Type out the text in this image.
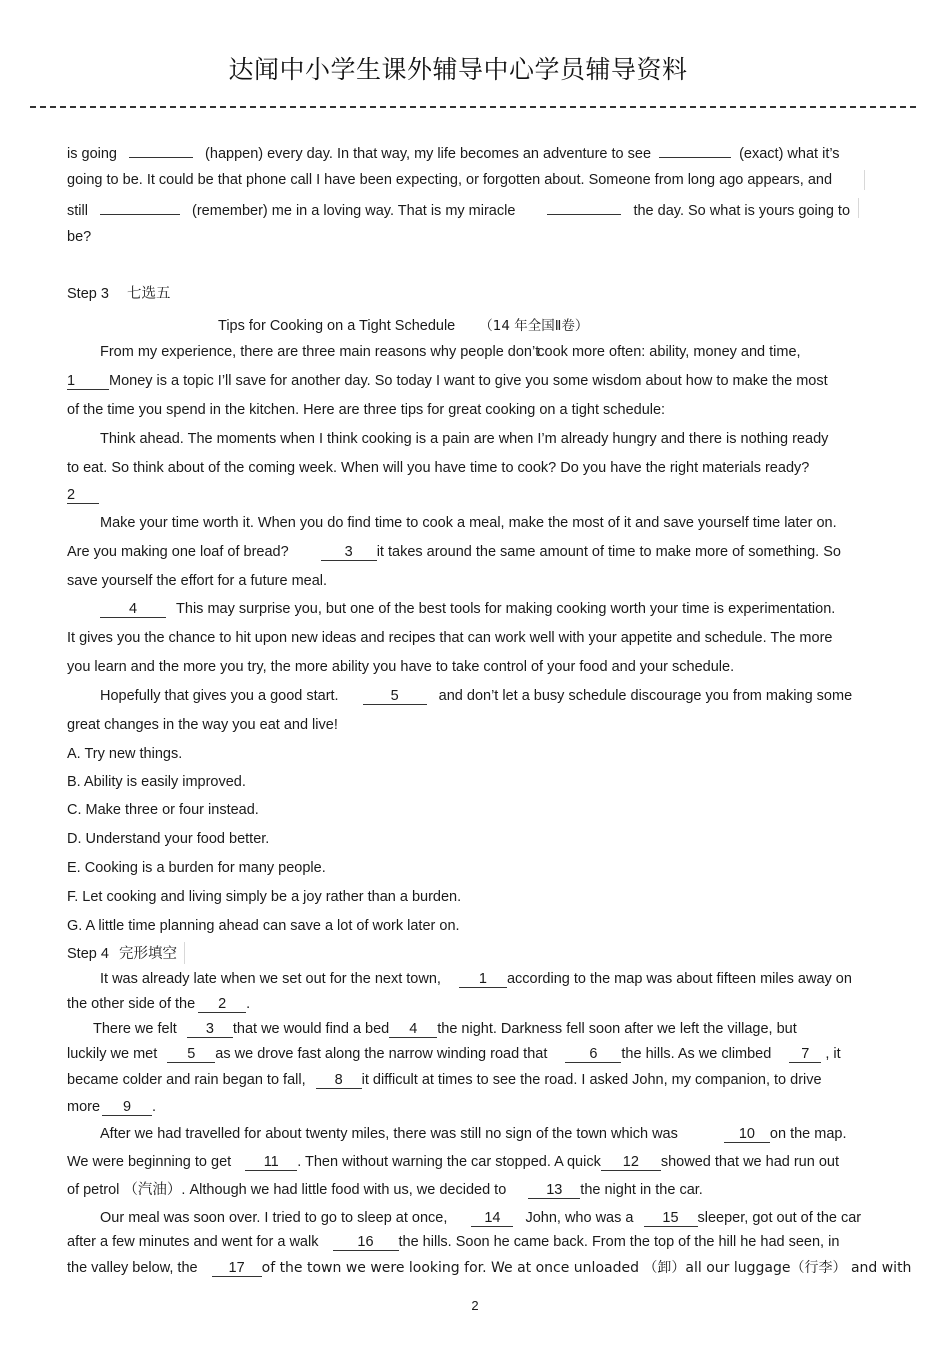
达闻中小学生课外辅导中心学员辅导资料
is going	(happen) every day. In that way, my life becomes an adventure to see	(exact) what it’s
going to be. It could be that phone call I have been expecting, or forgotten about. Someone from long ago appears, and
still	(remember) me in a loving way. That is my miracle	the day. So what is yours going to
be?
Step 3 七选五
Tips for Cooking on a Tight Schedule （14 年全国Ⅱ卷）
From my experience, there are three main reasons why people don’t cook more often: ability, money and time,
1 Money is a topic I’ll save for another day. So today I want to give you some wisdom about how to make the most
of the time you spend in the kitchen. Here are three tips for great cooking on a tight schedule:
Think ahead. The moments when I think cooking is a pain are when I’m already hungry and there is nothing ready
to eat. So think about of the coming week. When will you have time to cook? Do you have the right materials ready?
2
Make your time worth it. When you do find time to cook a meal, make the most of it and save yourself time later on.
Are you making one loaf of bread?	3 it takes around the same amount of time to make more of something. So
save yourself the effort for a future meal.
4	This may surprise you, but one of the best tools for making cooking worth your time is experimentation.
It gives you the chance to hit upon new ideas and recipes that can work well with your appetite and schedule. The more
you learn and the more you try, the more ability you have to take control of your food and your schedule.
Hopefully that gives you a good start.	5	and don’t let a busy schedule discourage you from making some
great changes in the way you eat and live!
A. Try new things.
B. Ability is easily improved.
C. Make three or four instead.
D. Understand your food better.
E. Cooking is a burden for many people.
F. Let cooking and living simply be a joy rather than a burden.
G. A little time planning ahead can save a lot of work later on.
Step 4 完形填空
It was already late when we set out for the next town,	1 according to the map was about fifteen miles away on
the other side of the 2 .
There we felt 3 that we would find a bed 4 the night. Darkness fell soon after we left the village, but
luckily we met 5 as we drove fast along the narrow winding road that	6 the hills. As we climbed 7 , it
became colder and rain began to fall, 8 it difficult at times to see the road. I asked John, my companion, to drive
more 9 .
After we had travelled for about twenty miles, there was still no sign of the town which was	10 on the map.
We were beginning to get 11 . Then without warning the car stopped. A quick 12 showed that we had run out
of petrol （汽油）. Although we had little food with us, we decided to	13 the night in the car.
Our meal was soon over. I tried to go to sleep at once,	14 John, who was a 15 sleeper, got out of the car
after a few minutes and went for a walk	16 the hills. Soon he came back. From the top of the hill he had seen, in
the valley below, the 17 of the town we were looking for. We at once unloaded （卸）all our luggage（行李） and with
2
